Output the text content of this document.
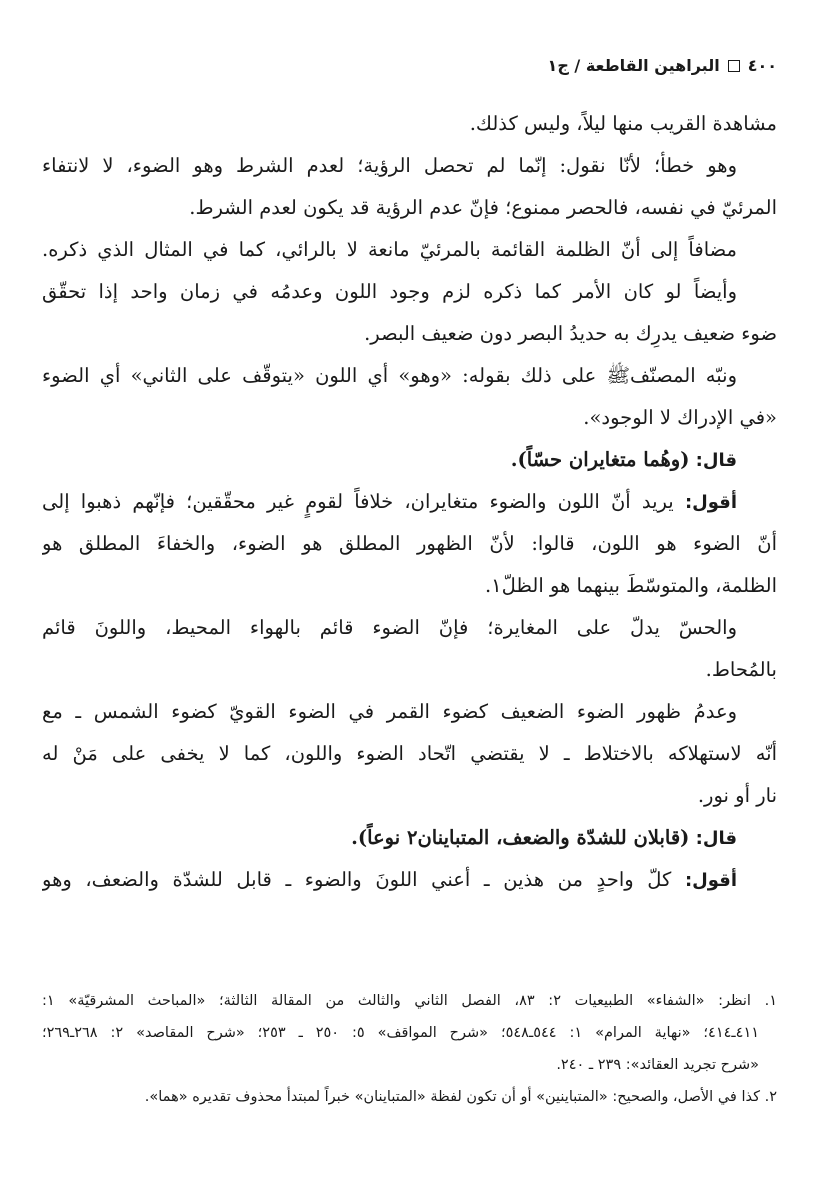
٤٠٠
البراهين القاطعة / ج١
مشاهدة القريب منها ليلاً، وليس كذلك.
وهو خطأ؛ لأنّا نقول: إنّما لم تحصل الرؤية؛ لعدم الشرط وهو الضوء، لا لانتفاء
المرئيّ في نفسه، فالحصر ممنوع؛ فإنّ عدم الرؤية قد يكون لعدم الشرط.
مضافاً إلى أنّ الظلمة القائمة بالمرئيّ مانعة لا بالرائي، كما في المثال الذي ذكره.
وأيضاً لو كان الأمر كما ذكره لزم وجود اللون وعدمُه في زمان واحد إذا تحقّق
ضوء ضعيف يدرِك به حديدُ البصر دون ضعيف البصر.
ونبّه المصنّفﷺ على ذلك بقوله: «وهو» أي اللون «يتوقّف على الثاني» أي الضوء
«في الإدراك لا الوجود».
قال: (وهُما متغايران حسّاً).
أقول: يريد أنّ اللون والضوء متغايران، خلافاً لقومٍ غير محقّقين؛ فإنّهم ذهبوا إلى
أنّ الضوء هو اللون، قالوا: لأنّ الظهور المطلق هو الضوء، والخفاءَ المطلق هو
الظلمة، والمتوسّطَ بينهما هو الظلّ١.
والحسّ يدلّ على المغايرة؛ فإنّ الضوء قائم بالهواء المحيط، واللونَ قائم
بالمُحاط.
وعدمُ ظهور الضوء الضعيف كضوء القمر في الضوء القويّ كضوء الشمس ـ مع
أنّه لاستهلاكه بالاختلاط ـ لا يقتضي اتّحاد الضوء واللون، كما لا يخفى على مَنْ له
نار أو نور.
قال: (قابلان للشدّة والضعف، المتباينان٢ نوعاً).
أقول: كلّ واحدٍ من هذين ـ أعني اللونَ والضوء ـ قابل للشدّة والضعف، وهو
١. انظر: «الشفاء» الطبيعيات ٢: ٨٣، الفصل الثاني والثالث من المقالة الثالثة؛ «المباحث المشرقيّة» ١:
٤١١ـ٤١٤؛ «نهاية المرام» ١: ٥٤٤ـ٥٤٨؛ «شرح المواقف» ٥: ٢٥٠ ـ ٢٥٣؛ «شرح المقاصد» ٢: ٢٦٨ـ٢٦٩؛
«شرح تجريد العقائد»: ٢٣٩ ـ ٢٤٠.
٢. كذا في الأصل، والصحيح: «المتباينين» أو أن تكون لفظة «المتباينان» خبراً لمبتدأ محذوف تقديره «هما».
